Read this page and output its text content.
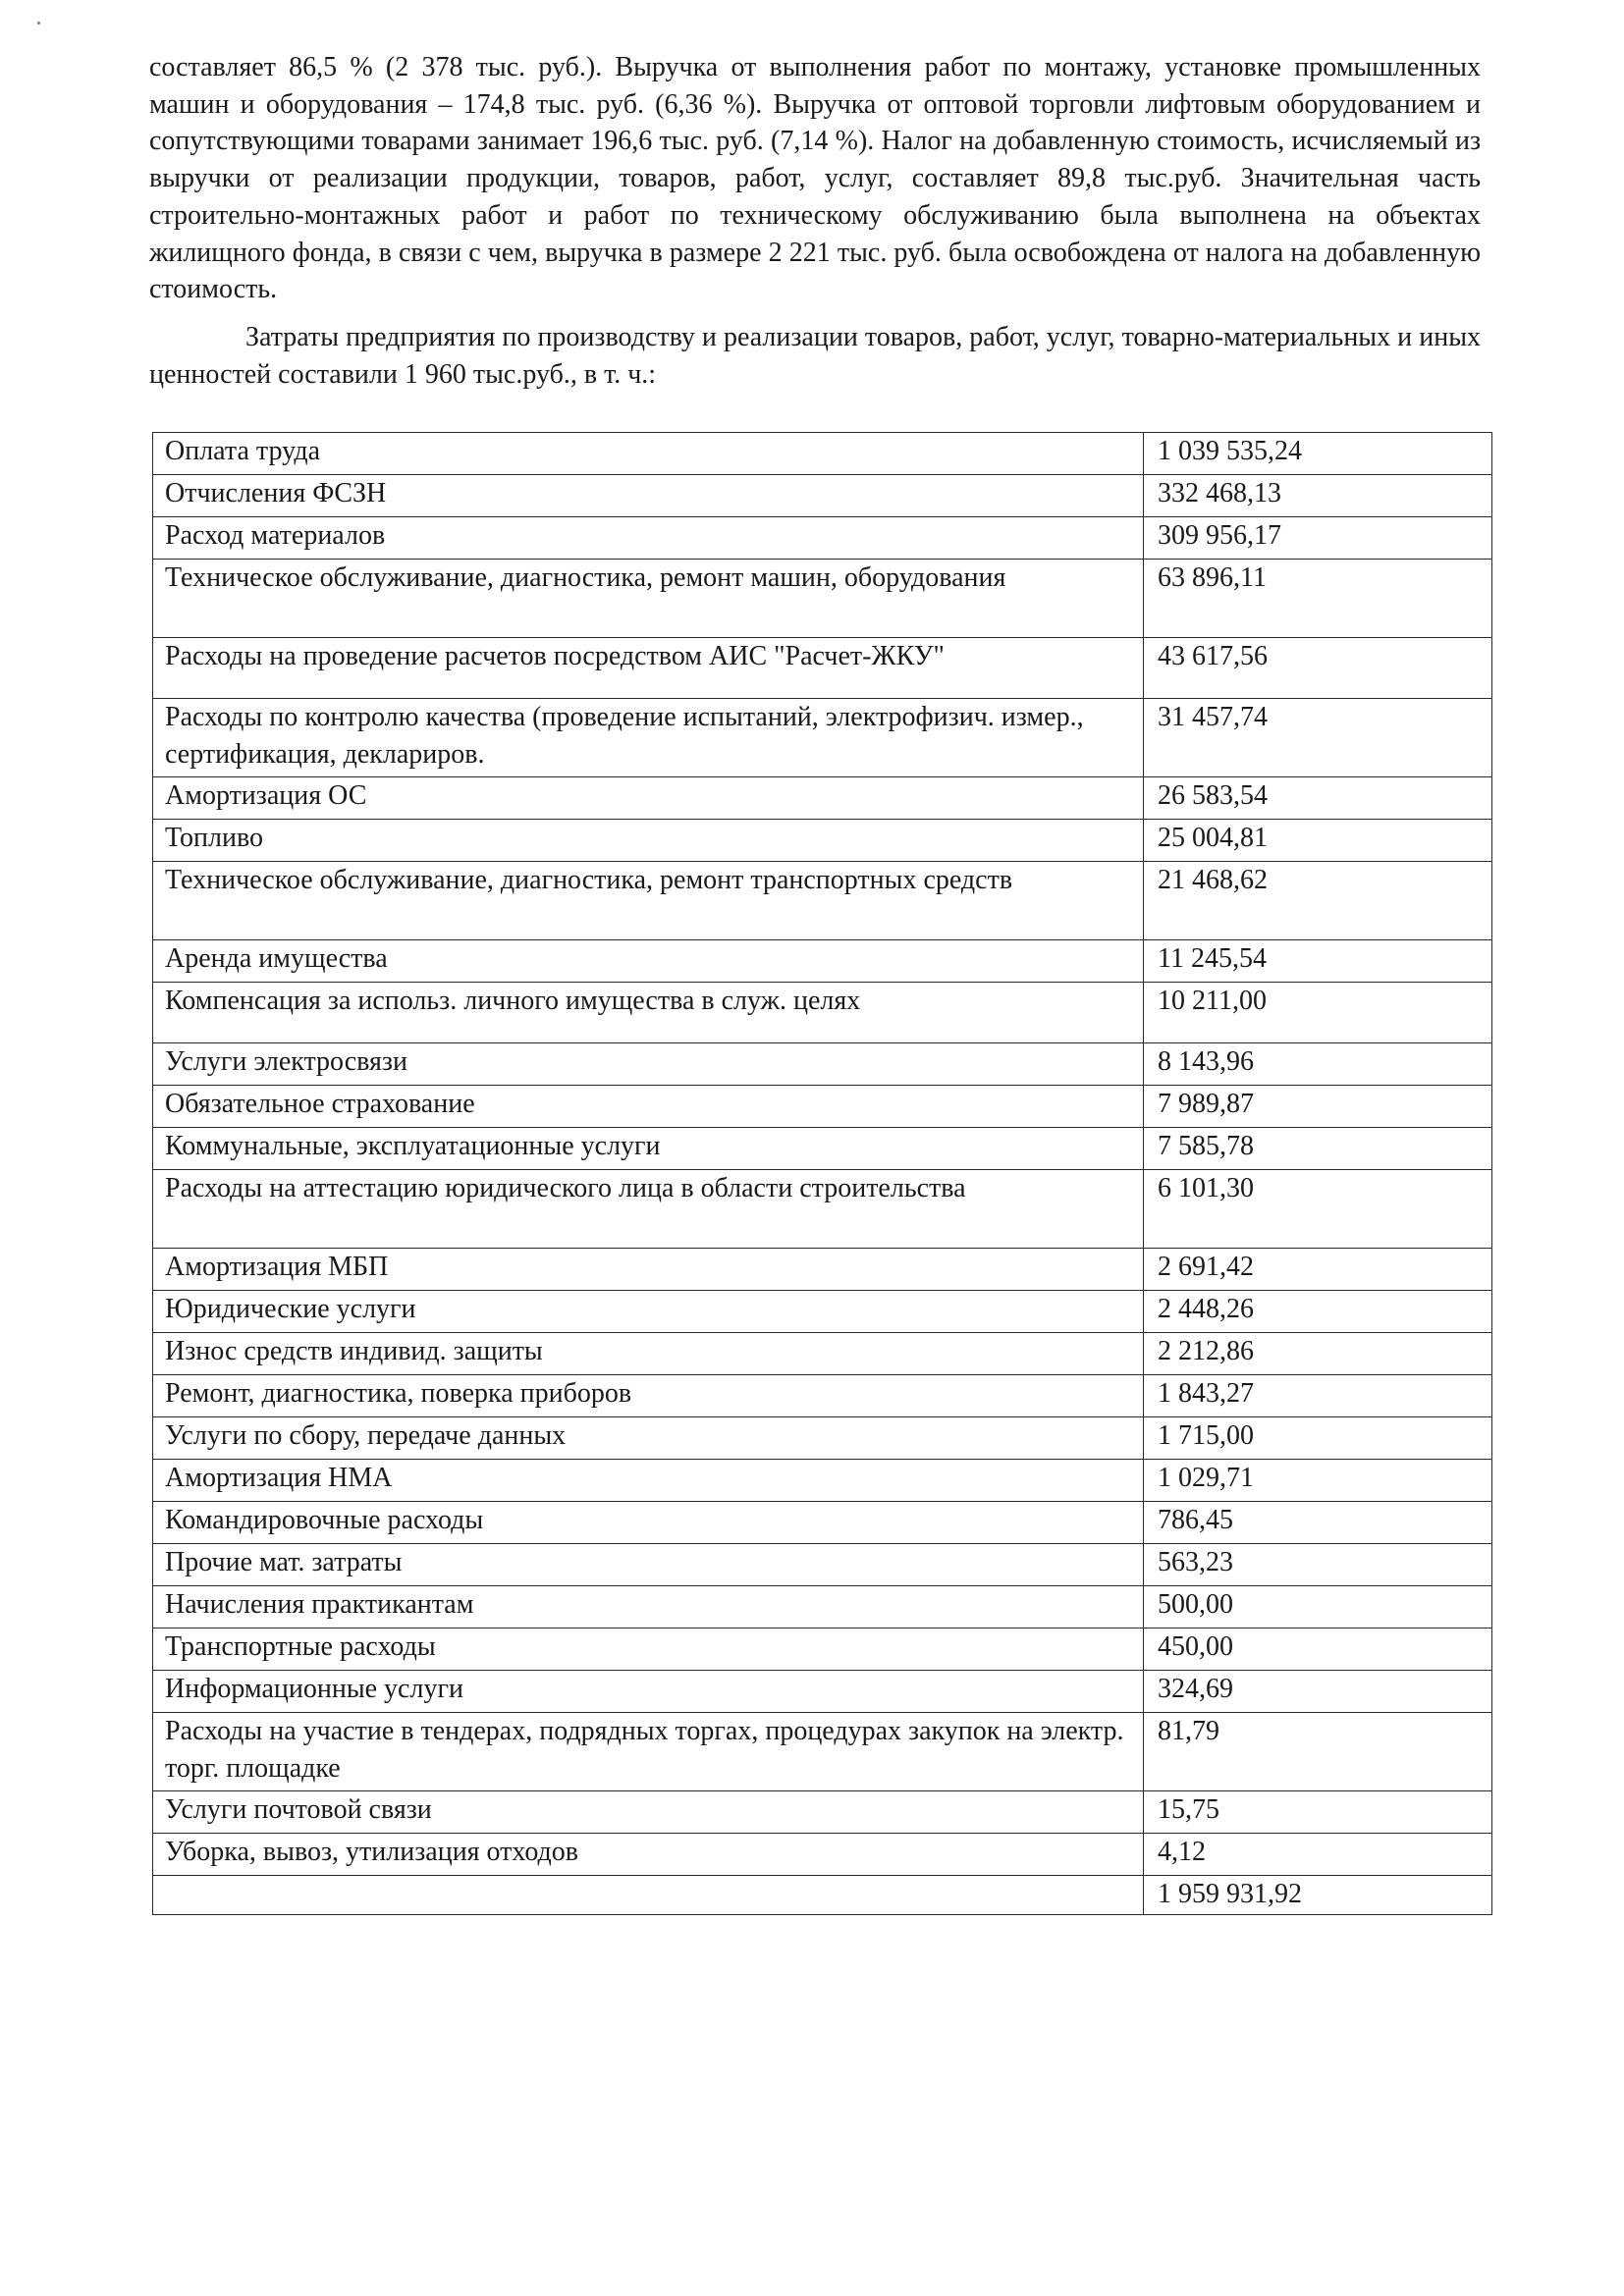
составляет 86,5 % (2 378 тыс. руб.). Выручка от выполнения работ по монтажу, установке промышленных машин и оборудования – 174,8 тыс. руб. (6,36 %). Выручка от оптовой торговли лифтовым оборудованием и сопутствующими товарами занимает 196,6 тыс. руб. (7,14 %). Налог на добавленную стоимость, исчисляемый из выручки от реализации продукции, товаров, работ, услуг, составляет 89,8 тыс.руб. Значительная часть строительно-монтажных работ и работ по техническому обслуживанию была выполнена на объектах жилищного фонда, в связи с чем, выручка в размере 2 221 тыс. руб. была освобождена от налога на добавленную стоимость.

Затраты предприятия по производству и реализации товаров, работ, услуг, товарно-материальных и иных ценностей составили 1 960 тыс.руб., в т. ч.:

Оплата труда	1 039 535,24
Отчисления ФСЗН	332 468,13
Расход материалов	309 956,17
Техническое обслуживание, диагностика, ремонт машин, оборудования	63 896,11
Расходы на проведение расчетов посредством АИС "Расчет-ЖКУ"	43 617,56
Расходы по контролю качества (проведение испытаний, электрофизич. измер., сертификация, деклариров.	31 457,74
Амортизация ОС	26 583,54
Топливо	25 004,81
Техническое обслуживание, диагностика, ремонт транспортных средств	21 468,62
Аренда имущества	11 245,54
Компенсация за использ. личного имущества в служ. целях	10 211,00
Услуги электросвязи	8 143,96
Обязательное страхование	7 989,87
Коммунальные, эксплуатационные услуги	7 585,78
Расходы на аттестацию юридического лица в области строительства	6 101,30
Амортизация МБП	2 691,42
Юридические услуги	2 448,26
Износ средств индивид. защиты	2 212,86
Ремонт, диагностика, поверка приборов	1 843,27
Услуги по сбору, передаче данных	1 715,00
Амортизация НМА	1 029,71
Командировочные расходы	786,45
Прочие мат. затраты	563,23
Начисления практикантам	500,00
Транспортные расходы	450,00
Информационные услуги	324,69
Расходы на участие в тендерах, подрядных торгах, процедурах закупок на электр. торг. площадке	81,79
Услуги почтовой связи	15,75
Уборка, вывоз, утилизация отходов	4,12
	1 959 931,92
